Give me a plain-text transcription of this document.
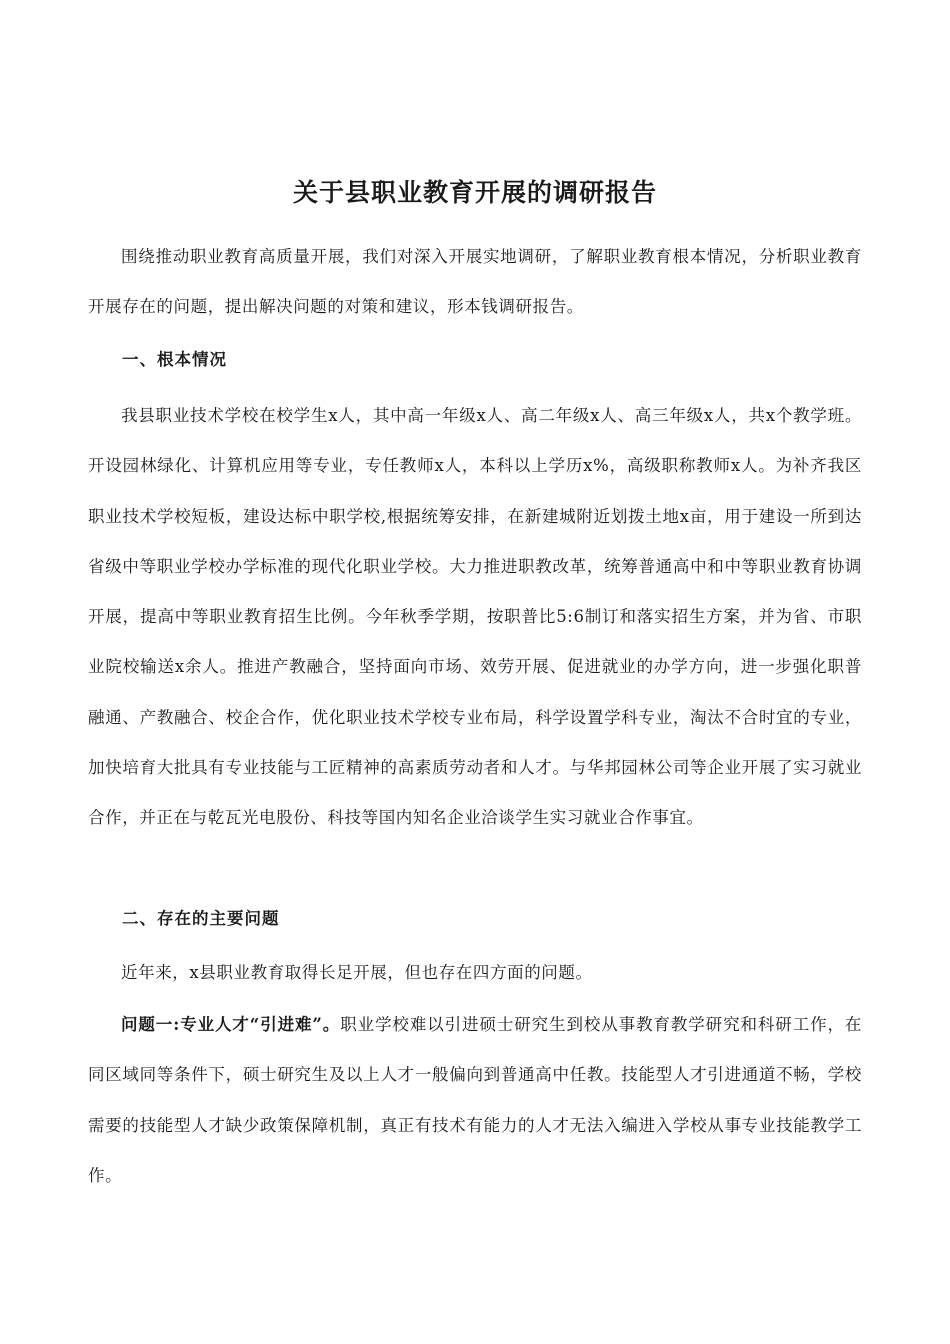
关于县职业教育开展的调研报告

围绕推动职业教育高质量开展，我们对深入开展实地调研，了解职业教育根本情况，分析职业教育开展存在的问题，提出解决问题的对策和建议，形本钱调研报告。

一、根本情况

我县职业技术学校在校学生x人，其中高一年级x人、高二年级x人、高三年级x人，共x个教学班。开设园林绿化、计算机应用等专业，专任教师x人，本科以上学历x%，高级职称教师x人。为补齐我区职业技术学校短板，建设达标中职学校,根据统筹安排，在新建城附近划拨土地x亩，用于建设一所到达省级中等职业学校办学标准的现代化职业学校。大力推进职教改革，统筹普通高中和中等职业教育协调开展，提高中等职业教育招生比例。今年秋季学期，按职普比5:6制订和落实招生方案，并为省、市职业院校输送x余人。推进产教融合，坚持面向市场、效劳开展、促进就业的办学方向，进一步强化职普融通、产教融合、校企合作，优化职业技术学校专业布局，科学设置学科专业，淘汰不合时宜的专业，加快培育大批具有专业技能与工匠精神的高素质劳动者和人才。与华邦园林公司等企业开展了实习就业合作，并正在与乾瓦光电股份、科技等国内知名企业洽谈学生实习就业合作事宜。

二、存在的主要问题

近年来，x县职业教育取得长足开展，但也存在四方面的问题。

问题一:专业人才“引进难”。职业学校难以引进硕士研究生到校从事教育教学研究和科研工作，在同区域同等条件下，硕士研究生及以上人才一般偏向到普通高中任教。技能型人才引进通道不畅，学校需要的技能型人才缺少政策保障机制，真正有技术有能力的人才无法入编进入学校从事专业技能教学工作。
